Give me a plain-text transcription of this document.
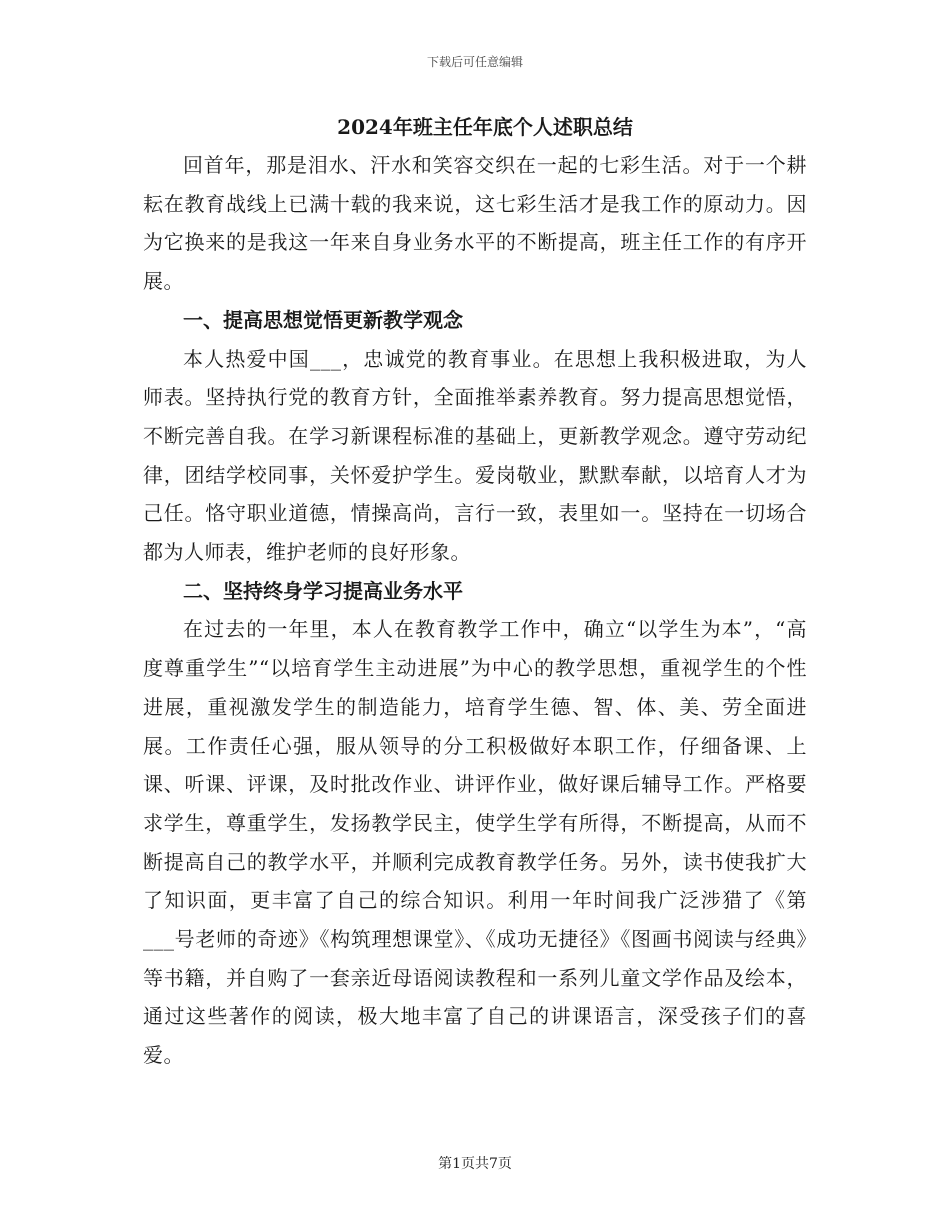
下载后可任意编辑
2024年班主任年底个人述职总结

回首年，那是泪水、汗水和笑容交织在一起的七彩生活。对于一个耕耘在教育战线上已满十载的我来说，这七彩生活才是我工作的原动力。因为它换来的是我这一年来自身业务水平的不断提高，班主任工作的有序开展。

一、提高思想觉悟更新教学观念

本人热爱中国___，忠诚党的教育事业。在思想上我积极进取，为人师表。坚持执行党的教育方针，全面推举素养教育。努力提高思想觉悟，不断完善自我。在学习新课程标准的基础上，更新教学观念。遵守劳动纪律，团结学校同事，关怀爱护学生。爱岗敬业，默默奉献，以培育人才为己任。恪守职业道德，情操高尚，言行一致，表里如一。坚持在一切场合都为人师表，维护老师的良好形象。

二、坚持终身学习提高业务水平

在过去的一年里，本人在教育教学工作中，确立“以学生为本”，“高度尊重学生”“以培育学生主动进展”为中心的教学思想，重视学生的个性进展，重视激发学生的制造能力，培育学生德、智、体、美、劳全面进展。工作责任心强，服从领导的分工积极做好本职工作，仔细备课、上课、听课、评课，及时批改作业、讲评作业，做好课后辅导工作。严格要求学生，尊重学生，发扬教学民主，使学生学有所得，不断提高，从而不断提高自己的教学水平，并顺利完成教育教学任务。另外，读书使我扩大了知识面，更丰富了自己的综合知识。利用一年时间我广泛涉猎了《第___号老师的奇迹》《构筑理想课堂》、《成功无捷径》《图画书阅读与经典》等书籍，并自购了一套亲近母语阅读教程和一系列儿童文学作品及绘本，通过这些著作的阅读，极大地丰富了自己的讲课语言，深受孩子们的喜爱。

第1页共7页
